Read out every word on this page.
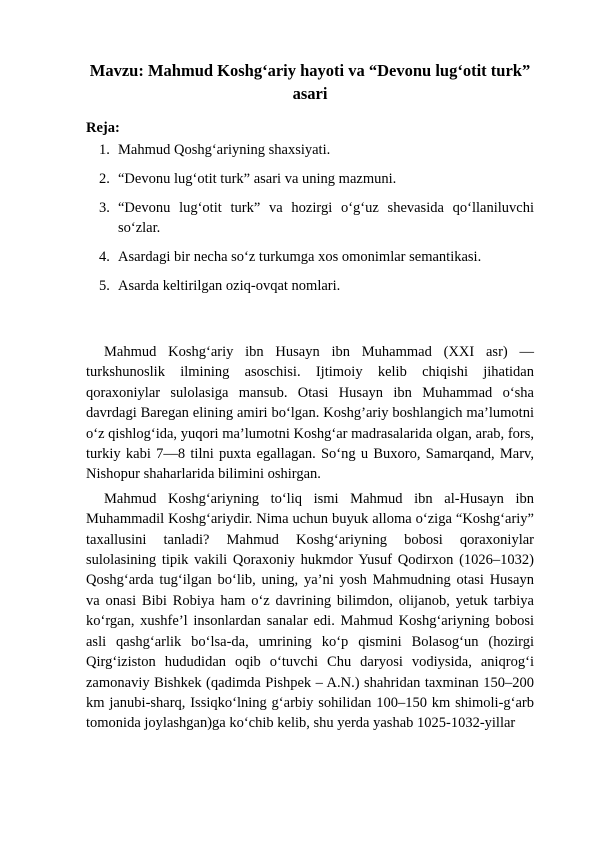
Mavzu: Mahmud Koshg‘ariy hayoti va “Devonu lug‘otit turk” asari
Reja:
1. Mahmud Qoshg‘ariyning shaxsiyati.
2. “Devonu lug‘otit turk” asari va uning mazmuni.
3. “Devonu lug‘otit turk” va hozirgi o‘g‘uz shevasida qo‘llaniluvchi so‘zlar.
4. Asardagi bir necha so‘z turkumga xos omonimlar semantikasi.
5. Asarda keltirilgan oziq-ovqat nomlari.

Mahmud Koshg‘ariy ibn Husayn ibn Muhammad (XXI asr) — turkshunoslik ilmining asoschisi. Ijtimoiy kelib chiqishi jihatidan qoraxoniylar sulolasiga mansub. Otasi Husayn ibn Muhammad o‘sha davrdagi Baregan elining amiri bo‘lgan. Koshg’ariy boshlangich ma’lumotni o‘z qishlog‘ida, yuqori ma’lumotni Koshg‘ar madrasalarida olgan, arab, fors, turkiy kabi 7—8 tilni puxta egallagan. So‘ng u Buxoro, Samarqand, Marv, Nishopur shaharlarida bilimini oshirgan.

Mahmud Koshg‘ariyning to‘liq ismi Mahmud ibn al-Husayn ibn Muhammadil Koshg‘ariydir. Nima uchun buyuk alloma o‘ziga “Koshg‘ariy” taxallusini tanladi? Mahmud Koshg‘ariyning bobosi qoraxoniylar sulolasining tipik vakili Qoraxoniy hukmdor Yusuf Qodirxon (1026–1032) Qoshg‘arda tug‘ilgan bo‘lib, uning, ya’ni yosh Mahmudning otasi Husayn va onasi Bibi Robiya ham o‘z davrining bilimdon, olijanob, yetuk tarbiya ko‘rgan, xushfe’l insonlardan sanalar edi. Mahmud Koshg‘ariyning bobosi asli qashg‘arlik bo‘lsa-da, umrining ko‘p qismini Bolasog‘un (hozirgi Qirg‘iziston hududidan oqib o‘tuvchi Chu daryosi vodiysida, aniqrog‘i zamonaviy Bishkek (qadimda Pishpek – A.N.) shahridan taxminan 150–200 km janubi-sharq, Issiqko‘lning g‘arbiy sohilidan 100–150 km shimoli-g‘arb tomonida joylashgan)ga ko‘chib kelib, shu yerda yashab 1025-1032-yillar
